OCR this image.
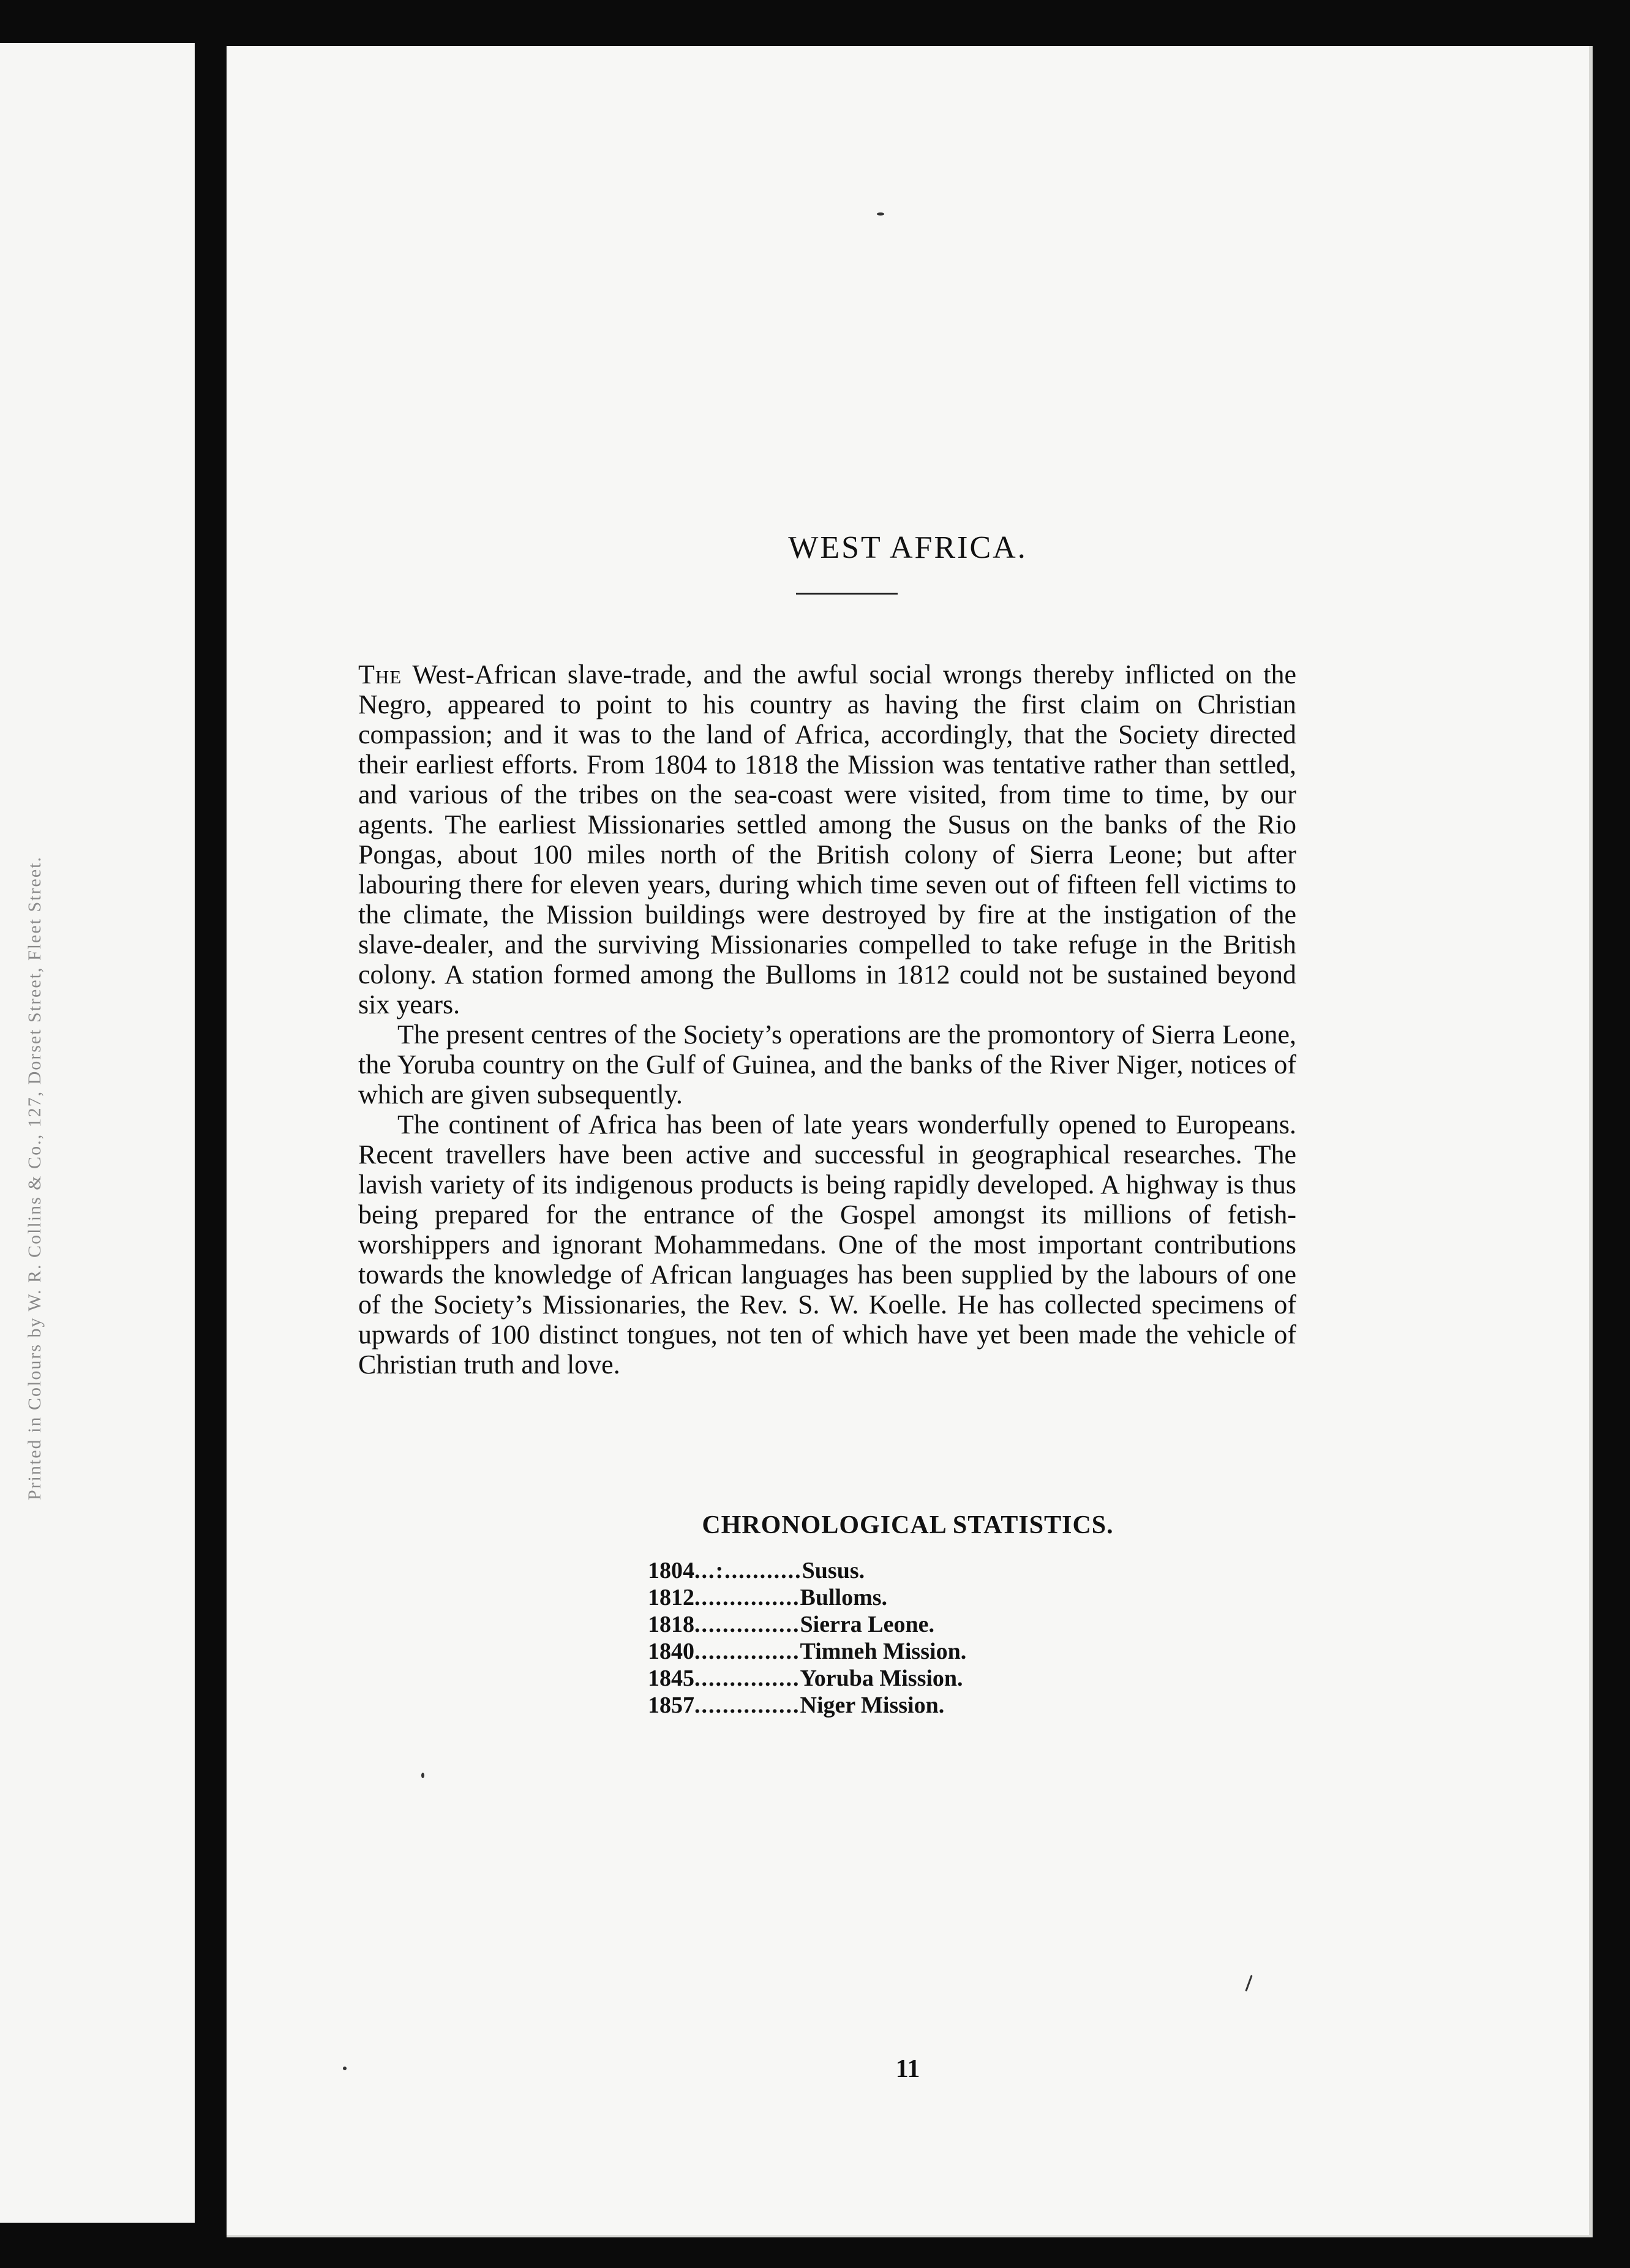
Printed in Colours by W. R. Collins & Co., 127, Dorset Street, Fleet Street.
WEST AFRICA.

The West-African slave-trade, and the awful social wrongs thereby inflicted on the Negro, appeared to point to his country as having the first claim on Christian compassion; and it was to the land of Africa, accordingly, that the Society directed their earliest efforts. From 1804 to 1818 the Mission was tentative rather than settled, and various of the tribes on the sea-coast were visited, from time to time, by our agents. The earliest Missionaries settled among the Susus on the banks of the Rio Pongas, about 100 miles north of the British colony of Sierra Leone; but after labouring there for eleven years, during which time seven out of fifteen fell victims to the climate, the Mission buildings were destroyed by fire at the instigation of the slave-dealer, and the surviving Missionaries compelled to take refuge in the British colony. A station formed among the Bulloms in 1812 could not be sustained beyond six years.

The present centres of the Society’s operations are the promontory of Sierra Leone, the Yoruba country on the Gulf of Guinea, and the banks of the River Niger, notices of which are given subsequently.

The continent of Africa has been of late years wonderfully opened to Europeans. Recent travellers have been active and successful in geographical researches. The lavish variety of its indigenous products is being rapidly developed. A highway is thus being prepared for the entrance of the Gospel amongst its millions of fetish-worshippers and ignorant Mohammedans. One of the most important contributions towards the knowledge of African languages has been supplied by the labours of one of the Society’s Missionaries, the Rev. S. W. Koelle. He has collected specimens of upwards of 100 distinct tongues, not ten of which have yet been made the vehicle of Christian truth and love.

CHRONOLOGICAL STATISTICS.
1804...:...........Susus.
1812...............Bulloms.
1818...............Sierra Leone.
1840...............Timneh Mission.
1845...............Yoruba Mission.
1857...............Niger Mission.
11
